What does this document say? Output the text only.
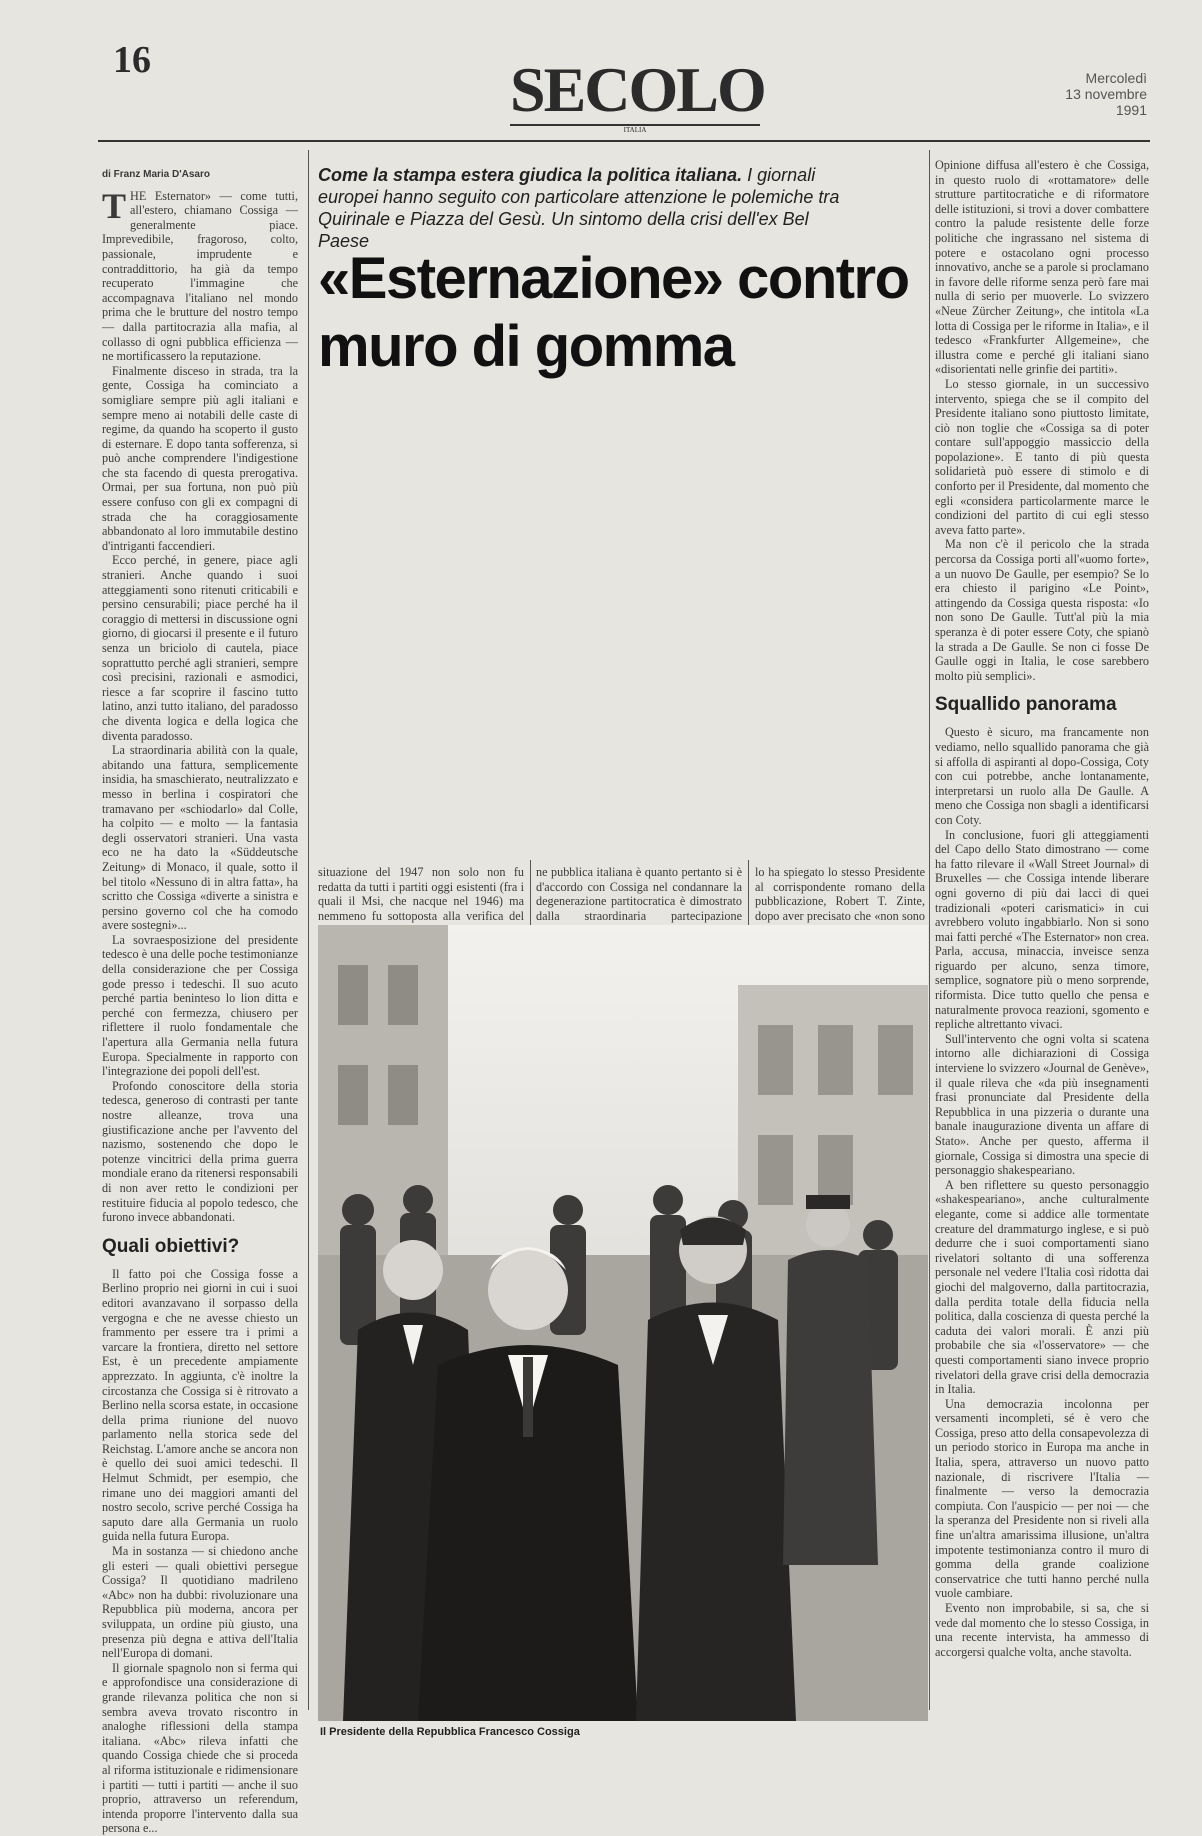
16	SECOLO
ITALIA
Mercoledì
13 novembre 1991
di Franz Maria D'Asaro

THE Esternator» — come tutti, all'estero, chiamano Cossiga — generalmente piace. Imprevedibile, fragoroso, colto, passionale, imprudente e contraddittorio, ha già da tempo recuperato l'immagine che accompagnava l'italiano nel mondo prima che le brutture del nostro tempo — dalla partitocrazia alla mafia, al collasso di ogni pubblica efficienza — ne mortificassero la reputazione.

Finalmente disceso in strada, tra la gente, Cossiga ha cominciato a somigliare sempre più agli italiani e sempre meno ai notabili delle caste di regime, da quando ha scoperto il gusto di esternare. E dopo tanta sofferenza, si può anche comprendere l'indigestione che sta facendo di questa prerogativa. Ormai, per sua fortuna, non può più essere confuso con gli ex compagni di strada che ha coraggiosamente abbandonato al loro immutabile destino d'intriganti faccendieri.

Ecco perché, in genere, piace agli stranieri. Anche quando i suoi atteggiamenti sono ritenuti criticabili e persino censurabili; piace perché ha il coraggio di mettersi in discussione ogni giorno, di giocarsi il presente e il futuro senza un briciolo di cautela, piace soprattutto perché agli stranieri, sempre così precisini, razionali e asmodici, riesce a far scoprire il fascino tutto latino, anzi tutto italiano, del paradosso che diventa logica e della logica che diventa paradosso.

La straordinaria abilità con la quale, abitando una fattura, semplicemente insidia, ha smaschierato, neutralizzato e messo in berlina i cospiratori che tramavano per «schiodarlo» dal Colle, ha colpito — e molto — la fantasia degli osservatori stranieri. Una vasta eco ne ha dato la «Süddeutsche Zeitung» di Monaco, il quale, sotto il bel titolo «Nessuno di in altra fatta», ha scritto che Cossiga «diverte a sinistra e persino governo col che ha comodo avere sostegni»...

La sovraesposizione del presidente tedesco è una delle poche testimonianze della considerazione che per Cossiga gode presso i tedeschi. Il suo acuto perché partia beninteso lo lion ditta e perché con fermezza, chiusero per riflettere il ruolo fondamentale che l'apertura alla Germania nella futura Europa. Specialmente in rapporto con l'integrazione dei popoli dell'est.

Profondo conoscitore della storia tedesca, generoso di contrasti per tante nostre alleanze, trova una giustificazione anche per l'avvento del nazismo, sostenendo che dopo le potenze vincitrici della prima guerra mondiale erano da ritenersi responsabili di non aver retto le condizioni per restituire fiducia al popolo tedesco, che furono invece abbandonati.

Quali obiettivi?

Il fatto poi che Cossiga fosse a Berlino proprio nei giorni in cui i suoi editori avanzavano il sorpasso della vergogna e che ne avesse chiesto un frammento per essere tra i primi a varcare la frontiera, diretto nel settore Est, è un precedente ampiamente apprezzato. In aggiunta, c'è inoltre la circostanza che Cossiga si è ritrovato a Berlino nella scorsa estate, in occasione della prima riunione del nuovo parlamento nella storica sede del Reichstag. L'amore anche se ancora non è quello dei suoi amici tedeschi. Il Helmut Schmidt, per esempio, che rimane uno dei maggiori amanti del nostro secolo, scrive perché Cossiga ha saputo dare alla Germania un ruolo guida nella futura Europa.

Ma in sostanza — si chiedono anche gli esteri — quali obiettivi persegue Cossiga? Il quotidiano madrileno «Abc» non ha dubbi: rivoluzionare una Repubblica più moderna, ancora per sviluppata, un ordine più giusto, una presenza più degna e attiva dell'Italia nell'Europa di domani.

Il giornale spagnolo non si ferma qui e approfondisce una considerazione di grande rilevanza politica che non si sembra aveva trovato riscontro in analoghe riflessioni della stampa italiana. «Abc» rileva infatti che quando Cossiga chiede che si proceda al riforma istituzionale e ridimensionare i partiti — tutti i partiti — anche il suo proprio, attraverso un referendum, intenda proporre l'intervento dalla sua persona e...

Come la stampa estera giudica la politica italiana. I giornali europei hanno seguito con particolare attenzione le polemiche tra Quirinale e Piazza del Gesù. Un sintomo della crisi dell'ex Bel Paese
«Esternazione» contro
muro di gomma

situazione del 1947 non solo non fu redatta da tutti i partiti oggi esistenti (fra i quali il Msi, che nacque nel 1946) ma nemmeno fu sottoposta alla verifica del

ne pubblica italiana è quanto pertanto si è d'accordo con Cossiga nel condannare la degenerazione partitocratica è dimostrato dalla straordinaria partecipazione

lo ha spiegato lo stesso Presidente al corrispondente romano della pubblicazione, Robert T. Zinte, dopo aver precisato che «non sono

Il Presidente della Repubblica Francesco Cossiga

Opinione diffusa all'estero è che Cossiga, in questo ruolo di «rottamatore» delle strutture partitocratiche e di riformatore delle istituzioni, si trovi a dover combattere contro la palude resistente delle forze politiche che ingrassano nel sistema di potere e ostacolano ogni processo innovativo, anche se a parole si proclamano in favore delle riforme senza però fare mai nulla di serio per muoverle. Lo svizzero «Neue Zürcher Zeitung», che intitola «La lotta di Cossiga per le riforme in Italia», e il tedesco «Frankfurter Allgemeine», che illustra come e perché gli italiani siano «disorientati nelle grinfie dei partiti».

Lo stesso giornale, in un successivo intervento, spiega che se il compito del Presidente italiano sono piuttosto limitate, ciò non toglie che «Cossiga sa di poter contare sull'appoggio massiccio della popolazione». E tanto di più questa solidarietà può essere di stimolo e di conforto per il Presidente, dal momento che egli «considera particolarmente marce le condizioni del partito di cui egli stesso aveva fatto parte».

Ma non c'è il pericolo che la strada percorsa da Cossiga porti all'«uomo forte», a un nuovo De Gaulle, per esempio? Se lo era chiesto il parigino «Le Point», attingendo da Cossiga questa risposta: «Io non sono De Gaulle. Tutt'al più la mia speranza è di poter essere Coty, che spianò la strada a De Gaulle. Se non ci fosse De Gaulle oggi in Italia, le cose sarebbero molto più semplici».

Squallido panorama

Questo è sicuro, ma francamente non vediamo, nello squallido panorama che già si affolla di aspiranti al dopo-Cossiga, Coty con cui potrebbe, anche lontanamente, interpretarsi un ruolo alla De Gaulle. A meno che Cossiga non sbagli a identificarsi con Coty.

In conclusione, fuori gli atteggiamenti del Capo dello Stato dimostrano — come ha fatto rilevare il «Wall Street Journal» di Bruxelles — che Cossiga intende liberare ogni governo di più dai lacci di quei tradizionali «poteri carismatici» in cui avrebbero voluto ingabbiarlo. Non si sono mai fatti perché «The Esternator» non crea. Parla, accusa, minaccia, inveisce senza riguardo per alcuno, senza timore, semplice, sognatore più o meno sorprende, riformista. Dice tutto quello che pensa e naturalmente provoca reazioni, sgomento e repliche altrettanto vivaci.

Sull'intervento che ogni volta si scatena intorno alle dichiarazioni di Cossiga interviene lo svizzero «Journal de Genève», il quale rileva che «da più insegnamenti frasi pronunciate dal Presidente della Repubblica in una pizzeria o durante una banale inaugurazione diventa un affare di Stato». Anche per questo, afferma il giornale, Cossiga si dimostra una specie di personaggio shakespeariano.

A ben riflettere su questo personaggio «shakespeariano», anche culturalmente elegante, come si addice alle tormentate creature del drammaturgo inglese, e si può dedurre che i suoi comportamenti siano rivelatori soltanto di una sofferenza personale nel vedere l'Italia così ridotta dai giochi del malgoverno, dalla partitocrazia, dalla perdita totale della fiducia nella politica, dalla coscienza di questa perché la caduta dei valori morali. È anzi più probabile che sia «l'osservatore» — che questi comportamenti siano invece proprio rivelatori della grave crisi della democrazia in Italia.

Una democrazia incolonna per versamenti incompleti, sé è vero che Cossiga, preso atto della consapevolezza di un periodo storico in Europa ma anche in Italia, spera, attraverso un nuovo patto nazionale, di riscrivere l'Italia — finalmente — verso la democrazia compiuta. Con l'auspicio — per noi — che la speranza del Presidente non si riveli alla fine un'altra amarissima illusione, un'altra impotente testimonianza contro il muro di gomma della grande coalizione conservatrice che tutti hanno perché nulla vuole cambiare.

Evento non improbabile, si sa, che si vede dal momento che lo stesso Cossiga, in una recente intervista, ha ammesso di accorgersi qualche volta, anche stavolta.
